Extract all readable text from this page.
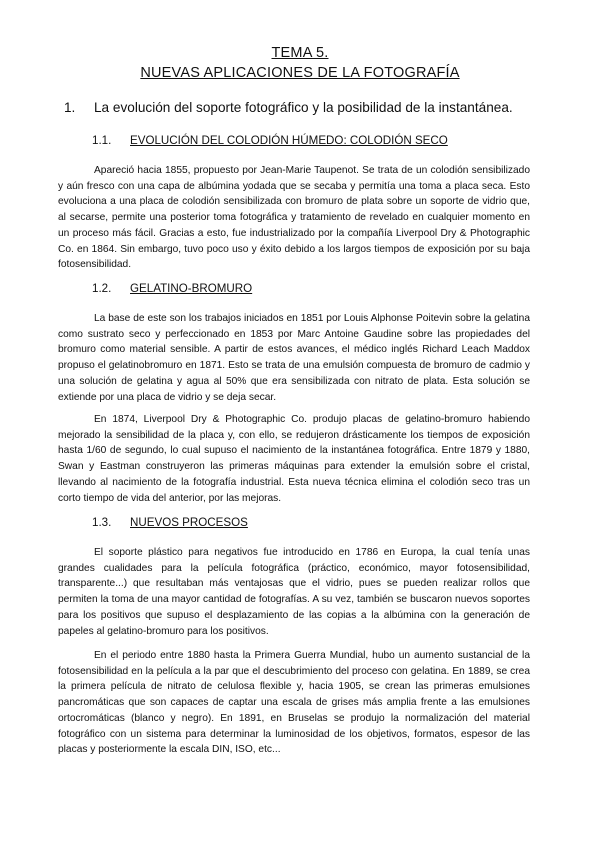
TEMA 5.
NUEVAS APLICACIONES DE LA FOTOGRAFÍA
1. La evolución del soporte fotográfico y la posibilidad de la instantánea.
1.1. EVOLUCIÓN DEL COLODIÓN HÚMEDO: COLODIÓN SECO

Apareció hacia 1855, propuesto por Jean-Marie Taupenot. Se trata de un colodión sensibilizado y aún fresco con una capa de albúmina yodada que se secaba y permitía una toma a placa seca. Esto evoluciona a una placa de colodión sensibilizada con bromuro de plata sobre un soporte de vidrio que, al secarse, permite una posterior toma fotográfica y tratamiento de revelado en cualquier momento en un proceso más fácil. Gracias a esto, fue industrializado por la compañía Liverpool Dry & Photographic Co. en 1864. Sin embargo, tuvo poco uso y éxito debido a los largos tiempos de exposición por su baja fotosensibilidad.

1.2. GELATINO-BROMURO

La base de este son los trabajos iniciados en 1851 por Louis Alphonse Poitevin sobre la gelatina como sustrato seco y perfeccionado en 1853 por Marc Antoine Gaudine sobre las propiedades del bromuro como material sensible. A partir de estos avances, el médico inglés Richard Leach Maddox propuso el gelatinobromuro en 1871. Esto se trata de una emulsión compuesta de bromuro de cadmio y una solución de gelatina y agua al 50% que era sensibilizada con nitrato de plata. Esta solución se extiende por una placa de vidrio y se deja secar.

En 1874, Liverpool Dry & Photographic Co. produjo placas de gelatino-bromuro habiendo mejorado la sensibilidad de la placa y, con ello, se redujeron drásticamente los tiempos de exposición hasta 1/60 de segundo, lo cual supuso el nacimiento de la instantánea fotográfica. Entre 1879 y 1880, Swan y Eastman construyeron las primeras máquinas para extender la emulsión sobre el cristal, llevando al nacimiento de la fotografía industrial. Esta nueva técnica elimina el colodión seco tras un corto tiempo de vida del anterior, por las mejoras.

1.3. NUEVOS PROCESOS

El soporte plástico para negativos fue introducido en 1786 en Europa, la cual tenía unas grandes cualidades para la película fotográfica (práctico, económico, mayor fotosensibilidad, transparente...) que resultaban más ventajosas que el vidrio, pues se pueden realizar rollos que permiten la toma de una mayor cantidad de fotografías. A su vez, también se buscaron nuevos soportes para los positivos que supuso el desplazamiento de las copias a la albúmina con la generación de papeles al gelatino-bromuro para los positivos.

En el periodo entre 1880 hasta la Primera Guerra Mundial, hubo un aumento sustancial de la fotosensibilidad en la película a la par que el descubrimiento del proceso con gelatina. En 1889, se crea la primera película de nitrato de celulosa flexible y, hacia 1905, se crean las primeras emulsiones pancromáticas que son capaces de captar una escala de grises más amplia frente a las emulsiones ortocromáticas (blanco y negro). En 1891, en Bruselas se produjo la normalización del material fotográfico con un sistema para determinar la luminosidad de los objetivos, formatos, espesor de las placas y posteriormente la escala DIN, ISO, etc...
